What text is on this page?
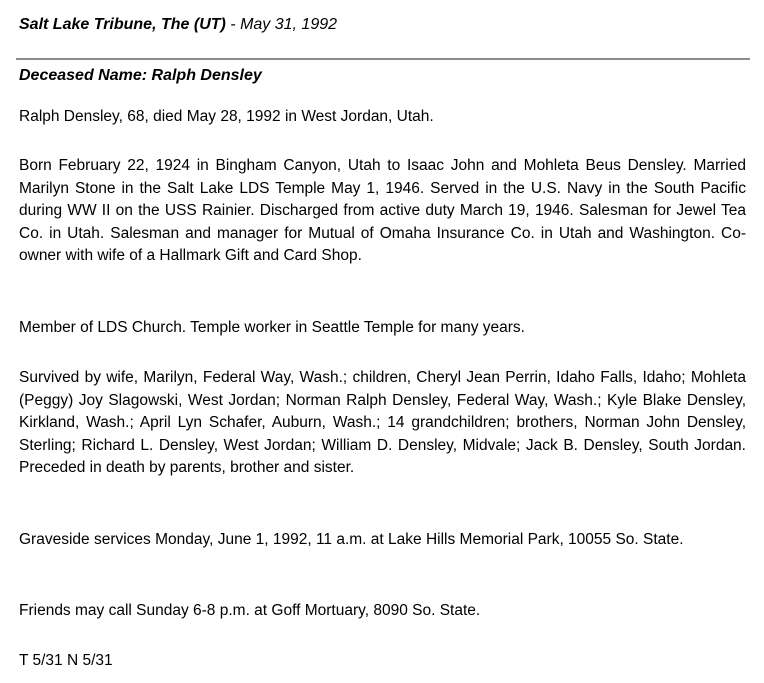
Salt Lake Tribune, The (UT) - May 31, 1992
Deceased Name: Ralph Densley

Ralph Densley, 68, died May 28, 1992 in West Jordan, Utah.

Born February 22, 1924 in Bingham Canyon, Utah to Isaac John and Mohleta Beus Densley. Married Marilyn Stone in the Salt Lake LDS Temple May 1, 1946. Served in the U.S. Navy in the South Pacific during WW II on the USS Rainier. Discharged from active duty March 19, 1946. Salesman for Jewel Tea Co. in Utah. Salesman and manager for Mutual of Omaha Insurance Co. in Utah and Washington. Co-owner with wife of a Hallmark Gift and Card Shop.

Member of LDS Church. Temple worker in Seattle Temple for many years.

Survived by wife, Marilyn, Federal Way, Wash.; children, Cheryl Jean Perrin, Idaho Falls, Idaho; Mohleta (Peggy) Joy Slagowski, West Jordan; Norman Ralph Densley, Federal Way, Wash.; Kyle Blake Densley, Kirkland, Wash.; April Lyn Schafer, Auburn, Wash.; 14 grandchildren; brothers, Norman John Densley, Sterling; Richard L. Densley, West Jordan; William D. Densley, Midvale; Jack B. Densley, South Jordan. Preceded in death by parents, brother and sister.

Graveside services Monday, June 1, 1992, 11 a.m. at Lake Hills Memorial Park, 10055 So. State.

Friends may call Sunday 6-8 p.m. at Goff Mortuary, 8090 So. State.

T 5/31 N 5/31
